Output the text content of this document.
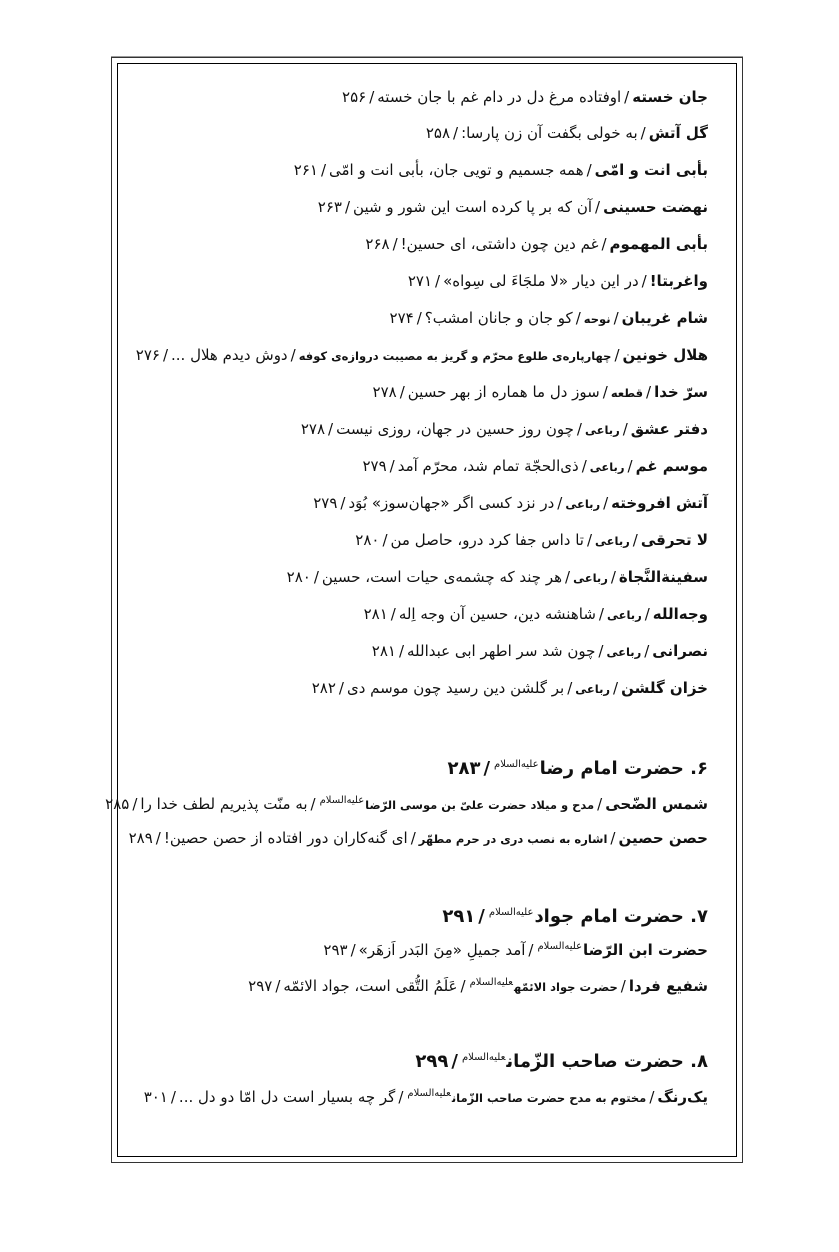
جان خسته/اوفتاده مرغ دل در دام غم با جان خسته/۲۵۶
گل آتش/به خولی بگفت آن زن پارسا:/۲۵۸
بأبی انت و امّی/همه جسمیم و تویی جان، بأبی انت و امّی/۲۶۱
نهضت حسینی/آن که بر پا کرده است این شور و شین/۲۶۳
بأبی المهموم/غم دین چون داشتی، ای حسین!/۲۶۸
واغربتا!/در این دیار «لا ملجَاءَ لی سِواه»/۲۷۱
شام غریبان/نوحه/کو جان و جانان امشب؟/۲۷۴
هلال خونین/چهارپاره‌ی طلوع محرّم و گریز به مصیبت دروازه‌ی کوفه/دوش دیدم هلال .../۲۷۶
سرّ خدا/قطعه/سوز دل ما هماره از بهر حسین/۲۷۸
دفتر عشق/رباعی/چون روز حسین در جهان، روزی نیست/۲۷۸
موسم غم/رباعی/ذی‌الحجّة تمام شد، محرّم آمد/۲۷۹
آتش افروخته/رباعی/در نزد کسی اگر «جهان‌سوز» بُوَد/۲۷۹
لا تحرقی/رباعی/تا داس جفا کرد درو، حاصل من/۲۸۰
سفینة‌النَّجاة/رباعی/هر چند که چشمه‌ی حیات است، حسین/۲۸۰
وجه‌الله/رباعی/شاهنشه دین، حسین آن وجه اِله/۲۸۱
نصرانی/رباعی/چون شد سر اطهر ابی عبدالله/۲۸۱
خزان گلشن/رباعی/بر گلشن دین رسید چون موسم دی/۲۸۲
۶. حضرت امام رضا$^{علیه‌السلام}$/۲۸۳
شمس الضّحی/مدح و میلاد حضرت علیّ بن موسی الرّضا$^{علیه‌السلام}$/به منّت پذیریم لطف خدا را/۲۸۵
حصن حصین/اشاره به نصب دری در حرم مطهّر/ای گنه‌کاران دور افتاده از حصن حصین!/۲۸۹
۷. حضرت امام جواد$^{علیه‌السلام}$/۲۹۱
حضرت ابن الرّضا$^{علیه‌السلام}$/آمد جمیلِ «مِنَ البَدر اَزهَر»/۲۹۳
شفیع فردا/حضرت جواد الائمّه$^{علیه‌السلام}$/عَلَمُ التُّقی است، جواد الائمّه/۲۹۷
۸. حضرت صاحب الزّمان$^{علیه‌السلام}$/۲۹۹
یک‌رنگ/مختوم به مدح حضرت صاحب الزّمان$^{علیه‌السلام}$/گر چه بسیار است دل امّا دو دل .../۳۰۱
